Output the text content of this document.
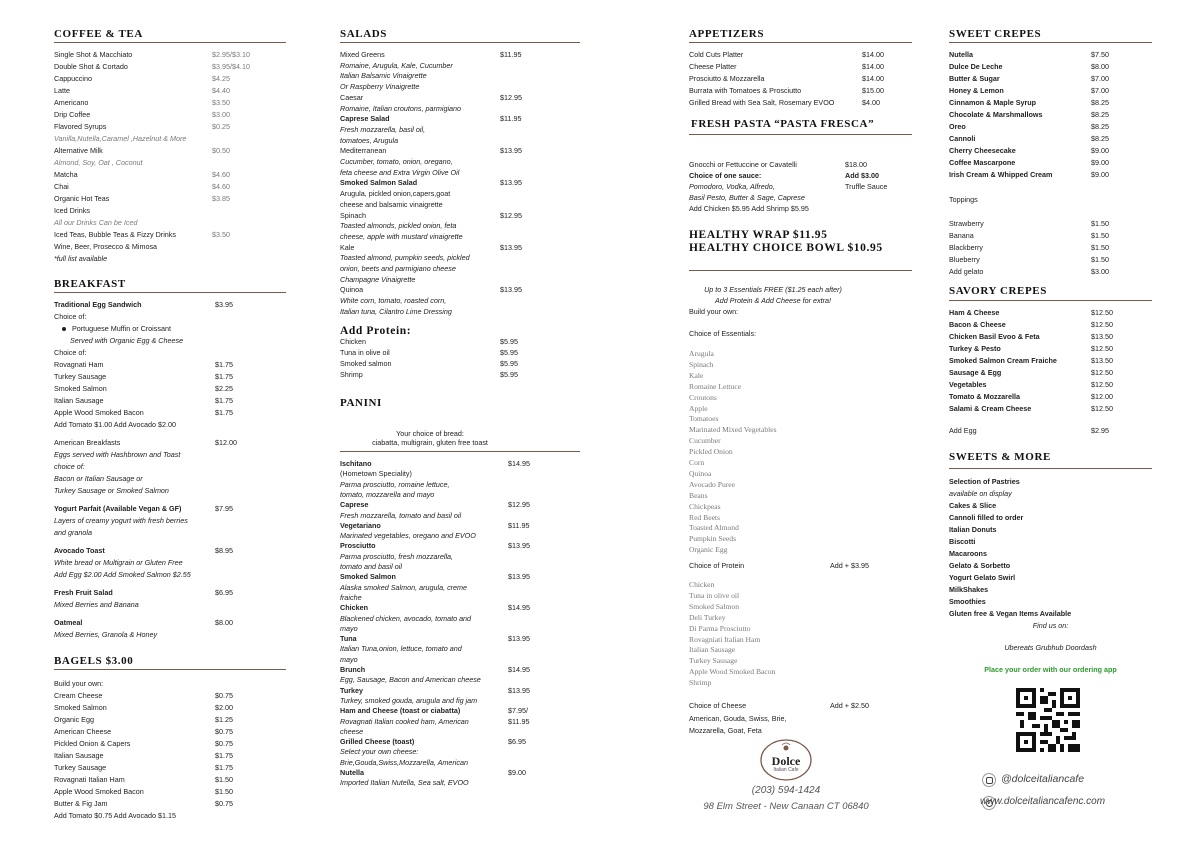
COFFEE & TEA
Single Shot & Macchiato	$2.95/$3.10
Double Shot & Cortado	$3.95/$4.10
Cappuccino	$4.25
Latte	$4.40
Americano	$3.50
Drip Coffee	$3.00
Flavored Syrups	$0.25
Vanilla,Nutella,Caramel ,Hazelnut & More
Alternative Milk	$0.50
Almond, Soy, Oat , Coconut
Matcha	$4.60
Chai	$4.60
Organic Hot Teas	$3.85
Iced Drinks
All our Drinks Can be Iced
Iced Teas, Bubble Teas & Fizzy Drinks	$3.50
Wine, Beer, Prosecco & Mimosa
*full list available
BREAKFAST
Traditional Egg Sandwich	$3.95
Choice of:
Portuguese Muffin or Croissant
Served with Organic Egg & Cheese
Choice of:
Rovagnati Ham	$1.75
Turkey Sausage	$1.75
Smoked Salmon	$2.25
Italian Sausage	$1.75
Apple Wood Smoked Bacon	$1.75
Add Tomato $1.00 Add Avocado $2.00
American Breakfasts	$12.00
Eggs served with Hashbrown and Toast
choice of:
Bacon or Italian Sausage or
Turkey Sausage or Smoked Salmon
Yogurt Parfait (Available Vegan & GF)	$7.95
Layers of creamy yogurt with fresh berries
and granola
Avocado Toast	$8.95
White bread or Multigrain or Gluten Free
Add Egg $2.00 Add Smoked Salmon $2.55
Fresh Fruit Salad	$6.95
Mixed Berries and Banana
Oatmeal	$8.00
Mixed Berries, Granola & Honey
BAGELS $3.00
Build your own:
Cream Cheese	$0.75
Smoked Salmon	$2.00
Organic Egg	$1.25
American Cheese	$0.75
Pickled Onion & Capers	$0.75
Italian Sausage	$1.75
Turkey Sausage	$1.75
Rovagnati Italian Ham	$1.50
Apple Wood Smoked Bacon	$1.50
Butter & Fig Jam	$0.75
Add Tomato $0.75 Add Avocado $1.15
SALADS
Mixed Greens	$11.95
Romaine, Arugula, Kale, Cucumber
Italian Balsamic Vinaigrette
Or Raspberry Vinaigrette
Caesar	$12.95
Romaine, Italian croutons, parmigiano
Caprese Salad	$11.95
Fresh mozzarella, basil oil,
tomatoes, Arugula
Mediterranean	$13.95
Cucumber, tomato, onion, oregano,
feta cheese and Extra Virgin Olive Oil
Smoked Salmon Salad	$13.95
Arugula, pickled onion,capers,goat
cheese and balsamic vinaigrette
Spinach	$12.95
Toasted almonds, pickled onion, feta
cheese, apple with mustard vinaigrette
Kale	$13.95
Toasted almond, pumpkin seeds, pickled
onion, beets and parmigiano cheese
Champagne Vinaigrette
Quinoa	$13.95
White corn, tomato, roasted corn,
Italian tuna, Cilantro Lime Dressing
Add Protein:
Chicken	$5.95
Tuna in olive oil	$5.95
Smoked salmon	$5.95
Shrimp	$5.95
PANINI
Your choice of bread:
ciabatta, multigrain, gluten free toast
Ischitano	$14.95
(Hometown Speciality)
Parma prosciutto, romaine lettuce,
tomato, mozzarella and mayo
Caprese	$12.95
Fresh mozzarella, tomato and basil oil
Vegetariano	$11.95
Marinated vegetables, oregano and EVOO
Prosciutto	$13.95
Parma prosciutto, fresh mozzarella,
tomato and basil oil
Smoked Salmon	$13.95
Alaska smoked Salmon, arugula, creme
fraiche
Chicken	$14.95
Blackened chicken, avocado, tomato and
mayo
Tuna	$13.95
Italian Tuna,onion, lettuce, tomato and
mayo
Brunch	$14.95
Egg, Sausage, Bacon and American cheese
Turkey	$13.95
Turkey, smoked gouda, arugula and fig jam
Ham and Cheese (toast or ciabatta)	$7.95/
Rovagnati Italian cooked ham, American	$11.95
cheese
Grilled Cheese (toast)	$6.95
Select your own cheese:
Brie,Gouda,Swiss,Mozzarella, American
Nutella	$9.00
Imported Italian Nutella, Sea salt, EVOO
APPETIZERS
Cold Cuts Platter	$14.00
Cheese Platter	$14.00
Prosciutto & Mozzarella	$14.00
Burrata with Tomatoes & Prosciutto	$15.00
Grilled Bread with Sea Salt, Rosemary EVOO	$4.00
FRESH PASTA “PASTA FRESCA”
Gnocchi or Fettuccine or Cavatelli	$18.00
Choice of one sauce:	Add $3.00
Pomodoro, Vodka, Alfredo,	Truffle Sauce
Basil Pesto, Butter & Sage, Caprese
Add Chicken $5.95 Add Shrimp $5.95
HEALTHY WRAP $11.95
HEALTHY CHOICE BOWL $10.95
Up to 3 Essentials FREE ($1.25 each after)
Add Protein & Add Cheese for extra!
Build your own:
Choice of Essentials:
Arugula
Spinach
Kale
Romaine Lettuce
Croutons
Apple
Tomatoes
Marinated Mixed Vegetables
Cucumber
Pickled Onion
Corn
Quinoa
Avocado Puree
Beans
Chickpeas
Red Beets
Toasted Almond
Pumpkin Seeds
Organic Egg
Choice of Protein	Add + $3.95
Chicken
Tuna in olive oil
Smoked Salmon
Deli Turkey
Di Parma Prosciutto
Rovagniati Italian Ham
Italian Sausage
Turkey Sausage
Apple Wood Smoked Bacon
Shrimp
Choice of Cheese	Add + $2.50
American, Gouda, Swiss, Brie,
Mozzarella, Goat, Feta
Dolce
Italian Cafe
(203) 594-1424
98 Elm Street - New Canaan CT 06840
SWEET CREPES
Nutella	$7.50
Dulce De Leche	$8.00
Butter & Sugar	$7.00
Honey & Lemon	$7.00
Cinnamon & Maple Syrup	$8.25
Chocolate & Marshmallows	$8.25
Oreo	$8.25
Cannoli	$8.25
Cherry Cheesecake	$9.00
Coffee Mascarpone	$9.00
Irish Cream & Whipped Cream	$9.00
Toppings
Strawberry	$1.50
Banana	$1.50
Blackberry	$1.50
Blueberry	$1.50
Add gelato	$3.00
SAVORY CREPES
Ham & Cheese	$12.50
Bacon & Cheese	$12.50
Chicken Basil Evoo & Feta	$13.50
Turkey & Pesto	$12.50
Smoked Salmon Cream Fraiche	$13.50
Sausage & Egg	$12.50
Vegetables	$12.50
Tomato & Mozzarella	$12.00
Salami & Cream Cheese	$12.50
Add Egg	$2.95
SWEETS & MORE
Selection of Pastries
available on display
Cakes & Slice
Cannoli filled to order
Italian Donuts
Biscotti
Macaroons
Gelato & Sorbetto
Yogurt Gelato Swirl
MilkShakes
Smoothies
Gluten free & Vegan Items Available
Find us on:
Ubereats Grubhub Doordash
Place your order with our ordering app
@dolceitaliancafe
www.dolceitaliancafenc.com
